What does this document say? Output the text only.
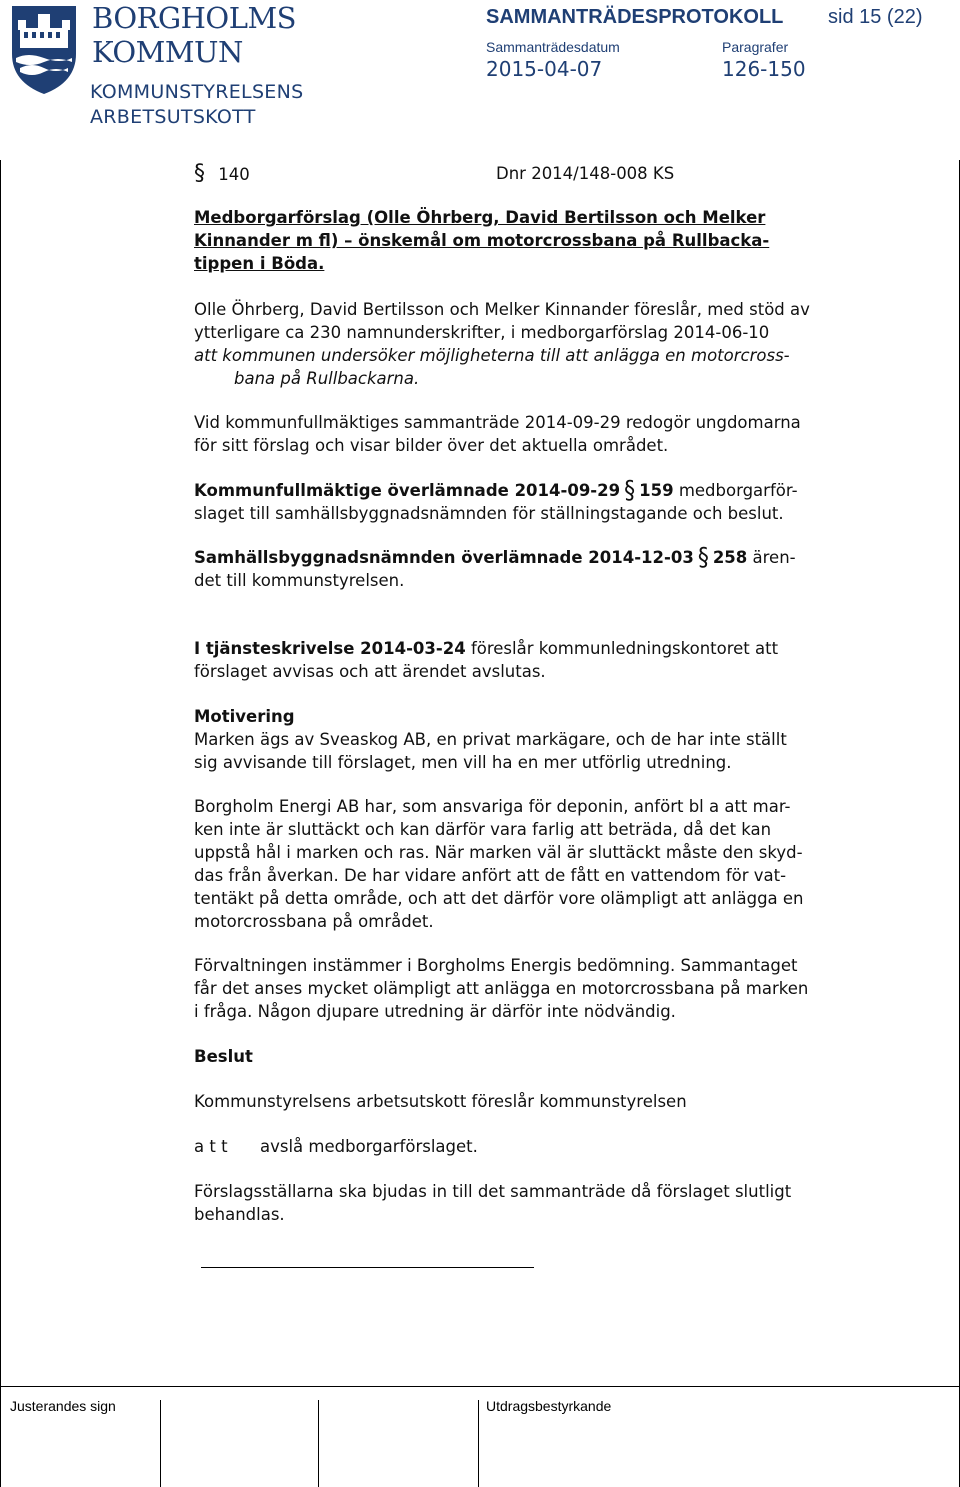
BORGHOLMS
KOMMUN
KOMMUNSTYRELSENS
ARBETSUTSKOTT
SAMMANTRÄDESPROTOKOLL sid 15 (22)
Sammanträdesdatum
2015-04-07
Paragrafer
126-150
§ 140	Dnr 2014/148-008 KS
Medborgarförslag (Olle Öhrberg, David Bertilsson och Melker
Kinnander m fl) – önskemål om motorcrossbana på Rullbacka-
tippen i Böda.
Olle Öhrberg, David Bertilsson och Melker Kinnander föreslår, med stöd av
ytterligare ca 230 namnunderskrifter, i medborgarförslag 2014-06-10
att kommunen undersöker möjligheterna till att anlägga en motorcross-
bana på Rullbackarna.
Vid kommunfullmäktiges sammanträde 2014-09-29 redogör ungdomarna
för sitt förslag och visar bilder över det aktuella området.
Kommunfullmäktige överlämnade 2014-09-29 § 159 medborgarför-
slaget till samhällsbyggnadsnämnden för ställningstagande och beslut.
Samhällsbyggnadsnämnden överlämnade 2014-12-03 § 258 ären-
det till kommunstyrelsen.
I tjänsteskrivelse 2014-03-24 föreslår kommunledningskontoret att
förslaget avvisas och att ärendet avslutas.
Motivering
Marken ägs av Sveaskog AB, en privat markägare, och de har inte ställt
sig avvisande till förslaget, men vill ha en mer utförlig utredning.
Borgholm Energi AB har, som ansvariga för deponin, anfört bl a att mar-
ken inte är sluttäckt och kan därför vara farlig att beträda, då det kan
uppstå hål i marken och ras. När marken väl är sluttäckt måste den skyd-
das från åverkan. De har vidare anfört att de fått en vattendom för vat-
tentäkt på detta område, och att det därför vore olämpligt att anlägga en
motorcrossbana på området.
Förvaltningen instämmer i Borgholms Energis bedömning. Sammantaget
får det anses mycket olämpligt att anlägga en motorcrossbana på marken
i fråga. Någon djupare utredning är därför inte nödvändig.
Beslut
Kommunstyrelsens arbetsutskott föreslår kommunstyrelsen
a t t avslå medborgarförslaget.
Förslagsställarna ska bjudas in till det sammanträde då förslaget slutligt
behandlas.
Justerandes sign	Utdragsbestyrkande
